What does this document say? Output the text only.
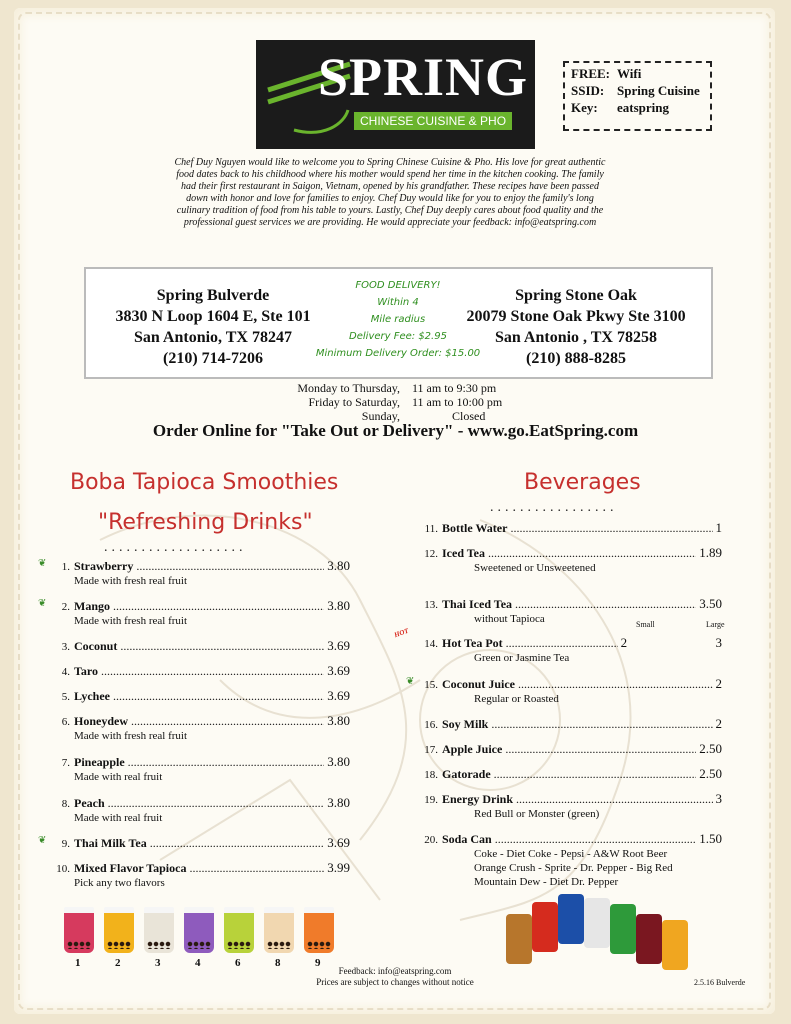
SPRING
CHINESE CUISINE & PHO
FREE: Wifi
SSID: Spring Cuisine
Key: eatspring
Chef Duy Nguyen would like to welcome you to Spring Chinese Cuisine & Pho. His love for great authentic food dates back to his childhood where his mother would spend her time in the kitchen cooking. The family had their first restaurant in Saigon, Vietnam, opened by his grandfather. These recipes have been passed down with honor and love for families to enjoy. Chef Duy would like for you to enjoy the family's long culinary tradition of food from his table to yours. Lastly, Chef Duy deeply cares about food quality and the professional guest services we are providing. He would appreciate your feedback: info@eatspring.com
Spring Bulverde
3830 N Loop 1604 E, Ste 101
San Antonio, TX 78247
(210) 714-7206
FOOD DELIVERY!
Within 4
Mile radius
Delivery Fee: $2.95
Minimum Delivery Order: $15.00
Spring Stone Oak
20079 Stone Oak Pkwy Ste 3100
San Antonio , TX 78258
(210) 888-8285
Monday to Thursday,	11 am to 9:30 pm
Friday to Saturday,	11 am to 10:00 pm
Sunday,	Closed
Order Online for "Take Out or Delivery" - www.go.EatSpring.com
Boba Tapioca Smoothies
"Refreshing Drinks"
...................
❦	1. Strawberry .....	3.80
Made with fresh real fruit
❦	2. Mango .....	3.80
Made with fresh real fruit
3. Coconut .....	3.69
4. Taro .....	3.69
5. Lychee .....	3.69
6. Honeydew .....	3.80
Made with fresh real fruit
7. Pineapple .....	3.80
Made with real fruit
8. Peach .....	3.80
Made with real fruit
❦	9. Thai Milk Tea .....	3.69
10. Mixed Flavor Tapioca .....	3.99
Pick any two flavors
1	2	3	4	6	8	9
Beverages
.................
Small	Large
11. Bottle Water .....	1
12. Iced Tea .....	1.89
Sweetened or Unsweetened
13. Thai Iced Tea .....	3.50
without Tapioca
HOT
14. Hot Tea Pot .....	2	3
Green or Jasmine Tea
❦ 15. Coconut Juice .....	2
Regular or Roasted
16. Soy Milk .....	2
17. Apple Juice .....	2.50
18. Gatorade .....	2.50
19. Energy Drink .....	3
Red Bull or Monster (green)
20. Soda Can .....	1.50
Coke - Diet Coke - Pepsi - A&W Root Beer
Orange Crush - Sprite - Dr. Pepper - Big Red
Mountain Dew - Diet Dr. Pepper
Feedback: info@eatspring.com
Prices are subject to changes without notice	2.5.16 Bulverde
